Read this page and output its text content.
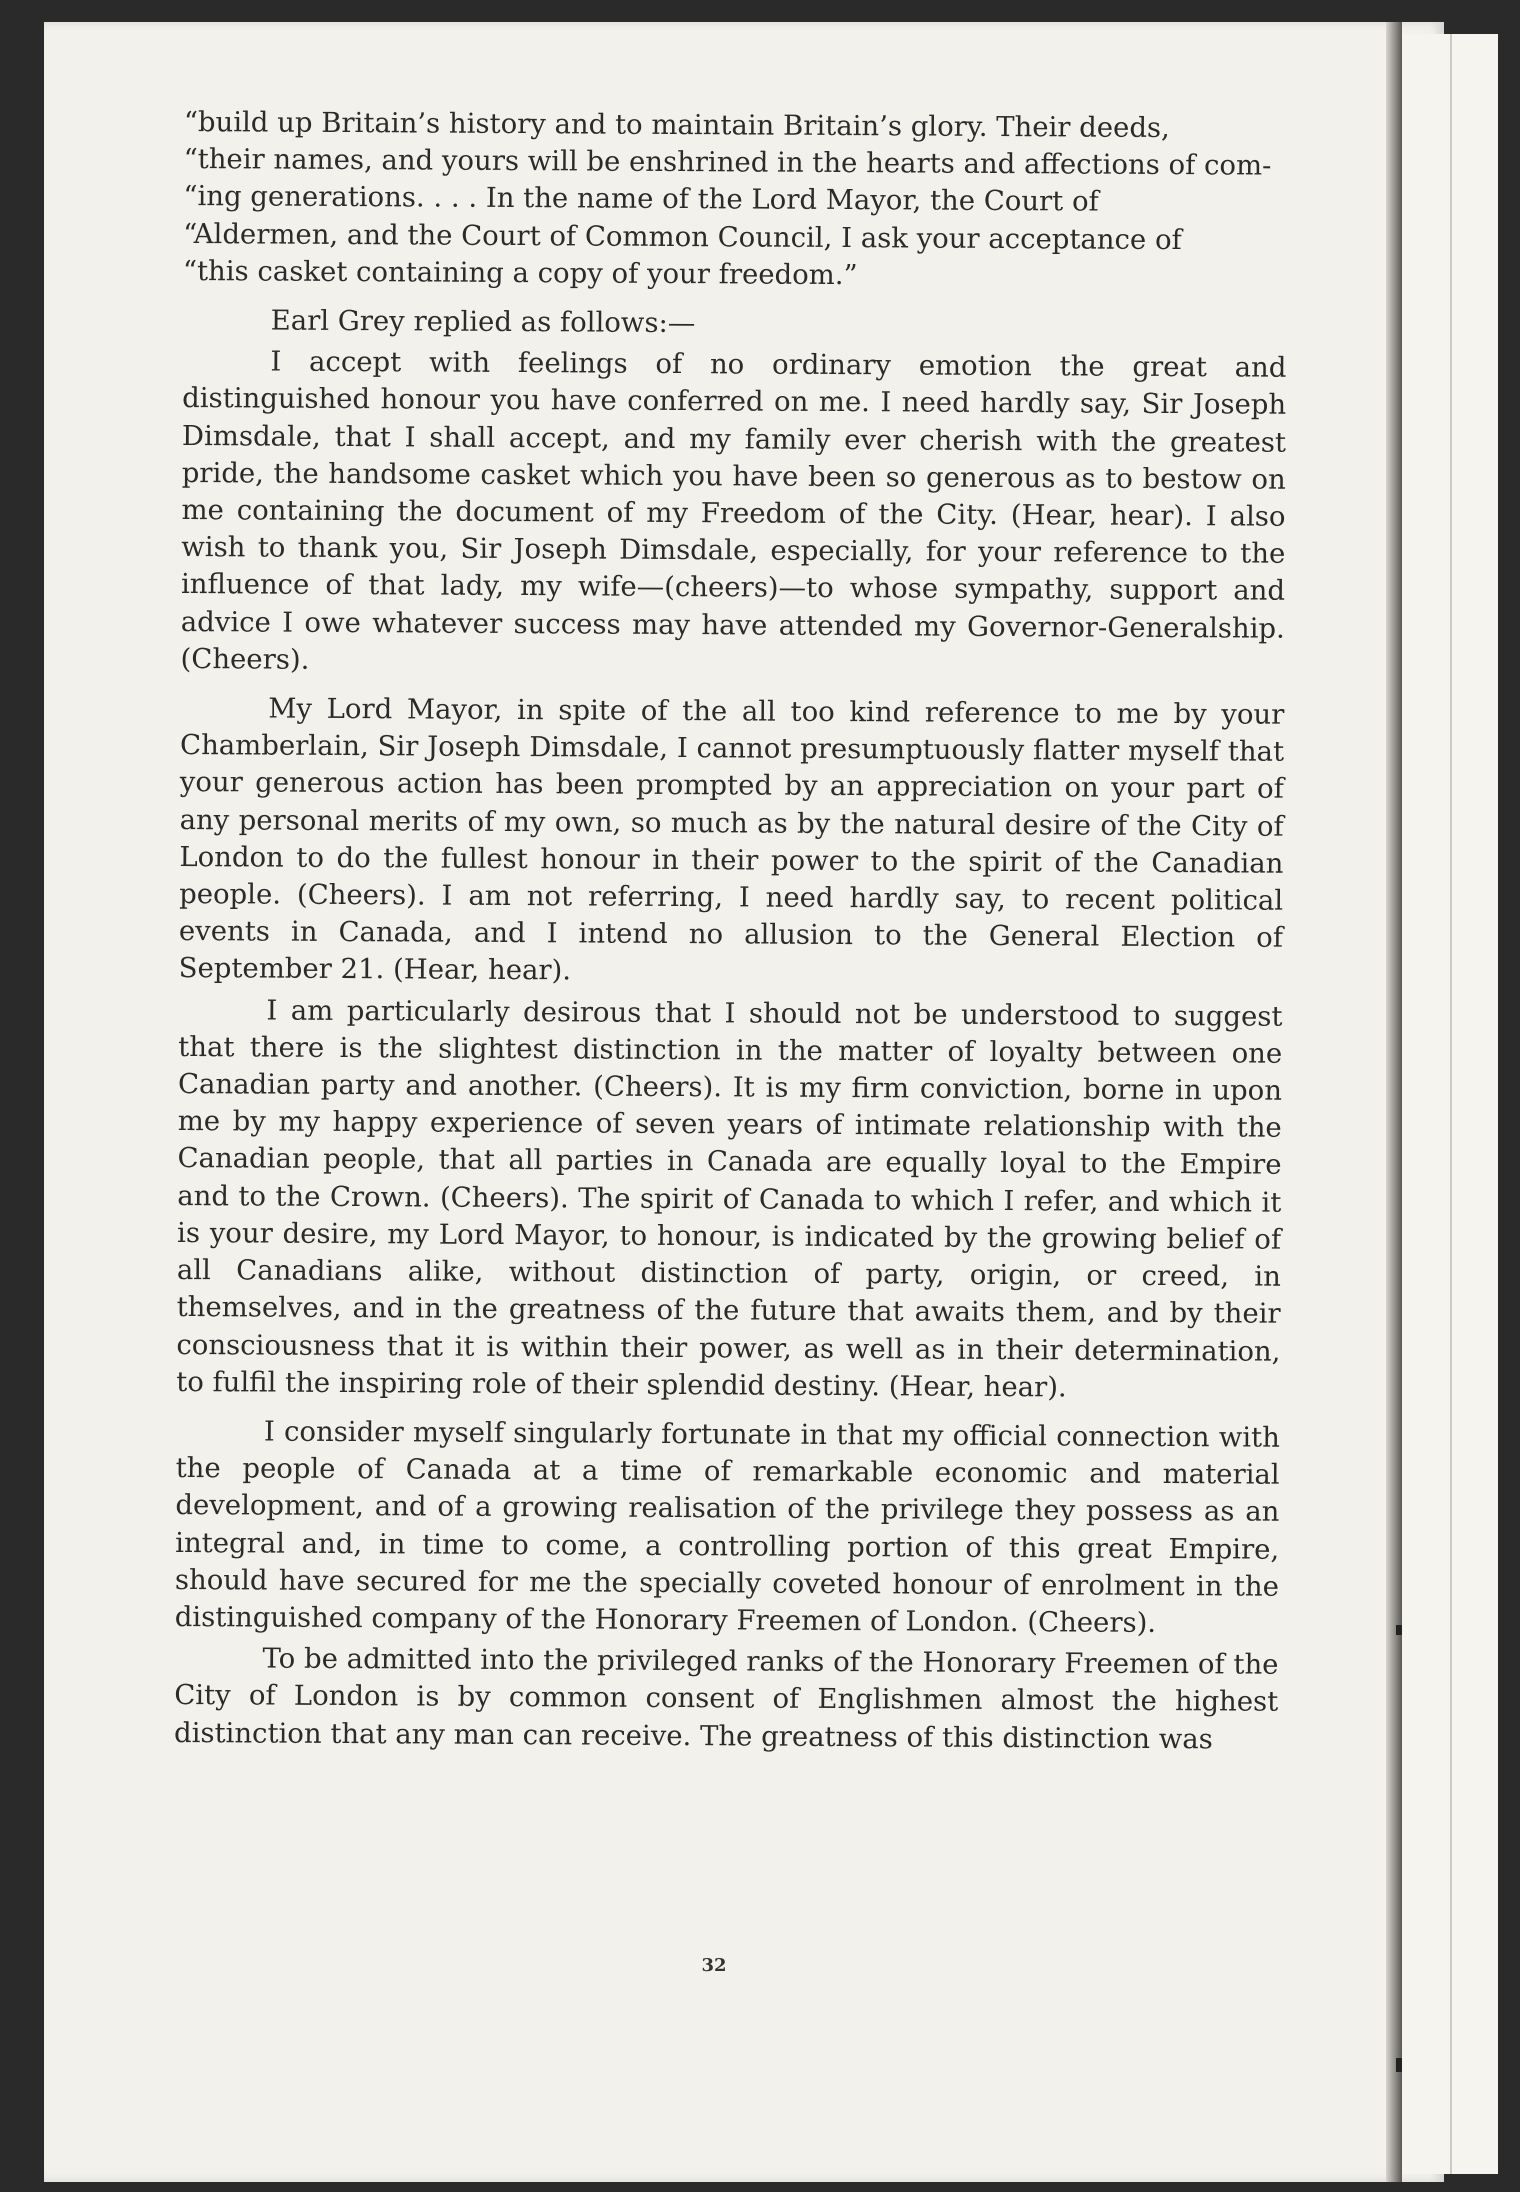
“build up Britain’s history and to maintain Britain’s glory. Their deeds,
“their names, and yours will be enshrined in the hearts and affections of com-
“ing generations. . . . In the name of the Lord Mayor, the Court of
“Aldermen, and the Court of Common Council, I ask your acceptance of
“this casket containing a copy of your freedom.”

Earl Grey replied as follows:—

I accept with feelings of no ordinary emotion the great and distinguished honour you have conferred on me. I need hardly say, Sir Joseph Dimsdale, that I shall accept, and my family ever cherish with the greatest pride, the handsome casket which you have been so generous as to bestow on me containing the document of my Freedom of the City. (Hear, hear). I also wish to thank you, Sir Joseph Dimsdale, especially, for your reference to the influence of that lady, my wife—(cheers)—to whose sympathy, support and advice I owe whatever success may have attended my Governor-Generalship. (Cheers).

My Lord Mayor, in spite of the all too kind reference to me by your Chamberlain, Sir Joseph Dimsdale, I cannot presumptuously flatter myself that your generous action has been prompted by an appreciation on your part of any personal merits of my own, so much as by the natural desire of the City of London to do the fullest honour in their power to the spirit of the Canadian people. (Cheers). I am not referring, I need hardly say, to recent political events in Canada, and I intend no allusion to the General Election of September 21. (Hear, hear).

I am particularly desirous that I should not be understood to suggest that there is the slightest distinction in the matter of loyalty between one Canadian party and another. (Cheers). It is my firm conviction, borne in upon me by my happy experience of seven years of intimate relationship with the Canadian people, that all parties in Canada are equally loyal to the Empire and to the Crown. (Cheers). The spirit of Canada to which I refer, and which it is your desire, my Lord Mayor, to honour, is indicated by the growing belief of all Canadians alike, without distinction of party, origin, or creed, in themselves, and in the greatness of the future that awaits them, and by their consciousness that it is within their power, as well as in their determination, to fulfil the inspiring role of their splendid destiny. (Hear, hear).

I consider myself singularly fortunate in that my official connection with the people of Canada at a time of remarkable economic and material development, and of a growing realisation of the privilege they possess as an integral and, in time to come, a controlling portion of this great Empire, should have secured for me the specially coveted honour of enrolment in the distinguished company of the Honorary Freemen of London. (Cheers).

To be admitted into the privileged ranks of the Honorary Freemen of the City of London is by common consent of Englishmen almost the highest distinction that any man can receive. The greatness of this distinction was

32
